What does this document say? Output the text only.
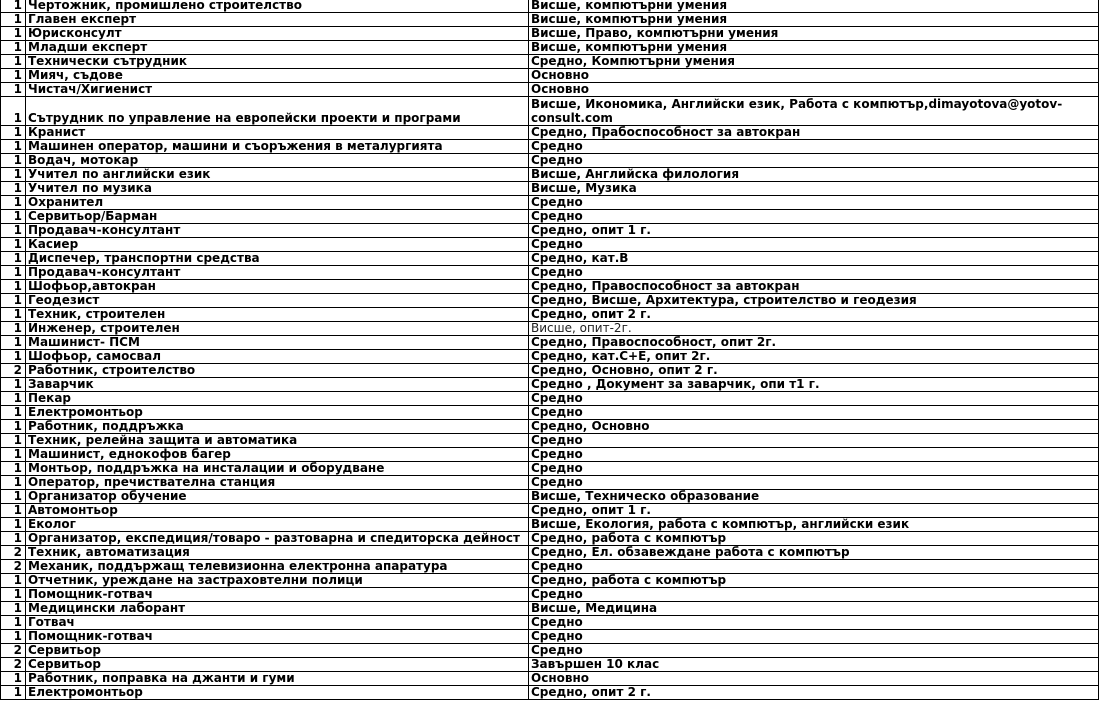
1	Чертожник, промишлено строителство	Висше, компютърни умения
1	Главен експерт	Висше, компютърни умения
1	Юрисконсулт	Висше, Право, компютърни умения
1	Младши експерт	Висше, компютърни умения
1	Технически сътрудник	Средно, Компютърни умения
1	Мияч, съдове	Основно
1	Чистач/Хигиенист	Основно
1	Сътрудник по управление на европейски проекти и програми	Висше, Икономика, Английски език, Работа с компютър,dimayotova@yotov-consult.com
1	Кранист	Средно, Прабоспособност за автокран
1	Машинен оператор, машини и съоръжения в металургията	Средно
1	Водач, мотокар	Средно
1	Учител по английски език	Висше, Английска филология
1	Учител по музика	Висше, Музика
1	Охранител	Средно
1	Сервитьор/Барман	Средно
1	Продавач-консултант	Средно, опит 1 г.
1	Касиер	Средно
1	Диспечер, транспортни средства	Средно, кат.В
1	Продавач-консултант	Средно
1	Шофьор,автокран	Средно, Правоспособност за автокран
1	Геодезист	Средно, Висше, Архитектура, строителство и геодезия
1	Техник, строителен	Средно, опит 2 г.
1	Инженер, строителен	Висше, опит-2г.
1	Машинист- ПСМ	Средно, Правоспособност, опит 2г.
1	Шофьор, самосвал	Средно, кат.С+Е, опит 2г.
2	Работник, строителство	Средно, Основно, опит 2 г.
1	Заварчик	Средно , Документ за заварчик, опи т1 г.
1	Пекар	Средно
1	Електромонтьор	Средно
1	Работник, поддръжка	Средно, Основно
1	Техник, релейна защита и автоматика	Средно
1	Машинист, еднокофов багер	Средно
1	Монтьор, поддръжка на инсталации и оборудване	Средно
1	Оператор, пречиствателна станция	Средно
1	Организатор обучение	Висше, Техническо образование
1	Автомонтьор	Средно, опит 1 г.
1	Еколог	Висше, Екология, работа с компютър, английски език
1	Организатор, експедиция/товаро - разтоварна и спедиторска дейност	Средно, работа с компютър
2	Техник, автоматизация	Средно, Ел. обзавеждане работа с компютър
2	Механик, поддържащ телевизионна електронна апаратура	Средно
1	Отчетник, уреждане на застраховтелни полици	Средно, работа с компютър
1	Помощник-готвач	Средно
1	Медицински лаборант	Висше, Медицина
1	Готвач	Средно
1	Помощник-готвач	Средно
2	Сервитьор	Средно
2	Сервитьор	Завършен 10 клас
1	Работник, поправка на джанти и гуми	Основно
1	Електромонтьор	Средно, опит 2 г.
